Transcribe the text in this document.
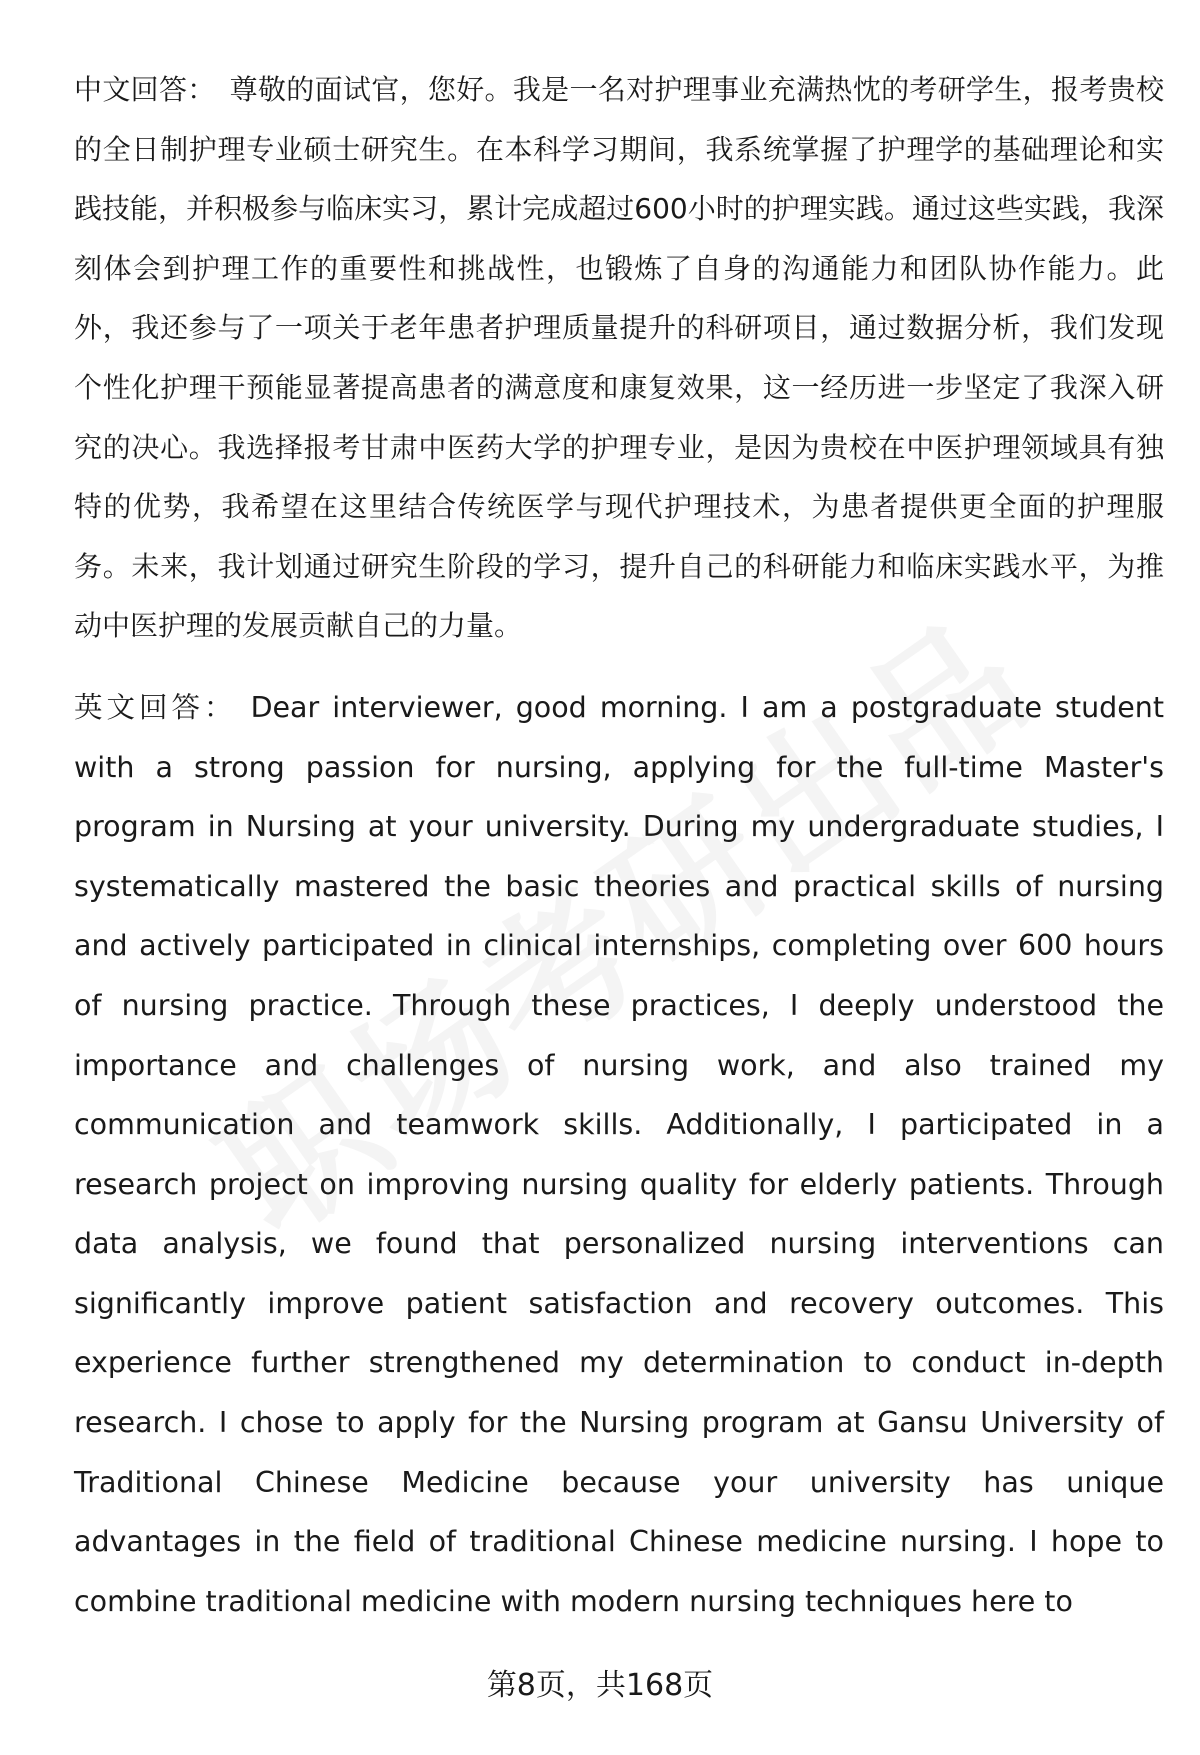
中文回答： 尊敬的面试官，您好。我是一名对护理事业充满热忱的考研学生，报考贵校的全日制护理专业硕士研究生。在本科学习期间，我系统掌握了护理学的基础理论和实践技能，并积极参与临床实习，累计完成超过600小时的护理实践。通过这些实践，我深刻体会到护理工作的重要性和挑战性，也锻炼了自身的沟通能力和团队协作能力。此外，我还参与了一项关于老年患者护理质量提升的科研项目，通过数据分析，我们发现个性化护理干预能显著提高患者的满意度和康复效果，这一经历进一步坚定了我深入研究的决心。我选择报考甘肃中医药大学的护理专业，是因为贵校在中医护理领域具有独特的优势，我希望在这里结合传统医学与现代护理技术，为患者提供更全面的护理服务。未来，我计划通过研究生阶段的学习，提升自己的科研能力和临床实践水平，为推动中医护理的发展贡献自己的力量。

英文回答： Dear interviewer, good morning. I am a postgraduate student with a strong passion for nursing, applying for the full-time Master's program in Nursing at your university. During my undergraduate studies, I systematically mastered the basic theories and practical skills of nursing and actively participated in clinical internships, completing over 600 hours of nursing practice. Through these practices, I deeply understood the importance and challenges of nursing work, and also trained my communication and teamwork skills. Additionally, I participated in a research project on improving nursing quality for elderly patients. Through data analysis, we found that personalized nursing interventions can significantly improve patient satisfaction and recovery outcomes. This experience further strengthened my determination to conduct in-depth research. I chose to apply for the Nursing program at Gansu University of Traditional Chinese Medicine because your university has unique advantages in the field of traditional Chinese medicine nursing. I hope to combine traditional medicine with modern nursing techniques here to

第8页，共168页
